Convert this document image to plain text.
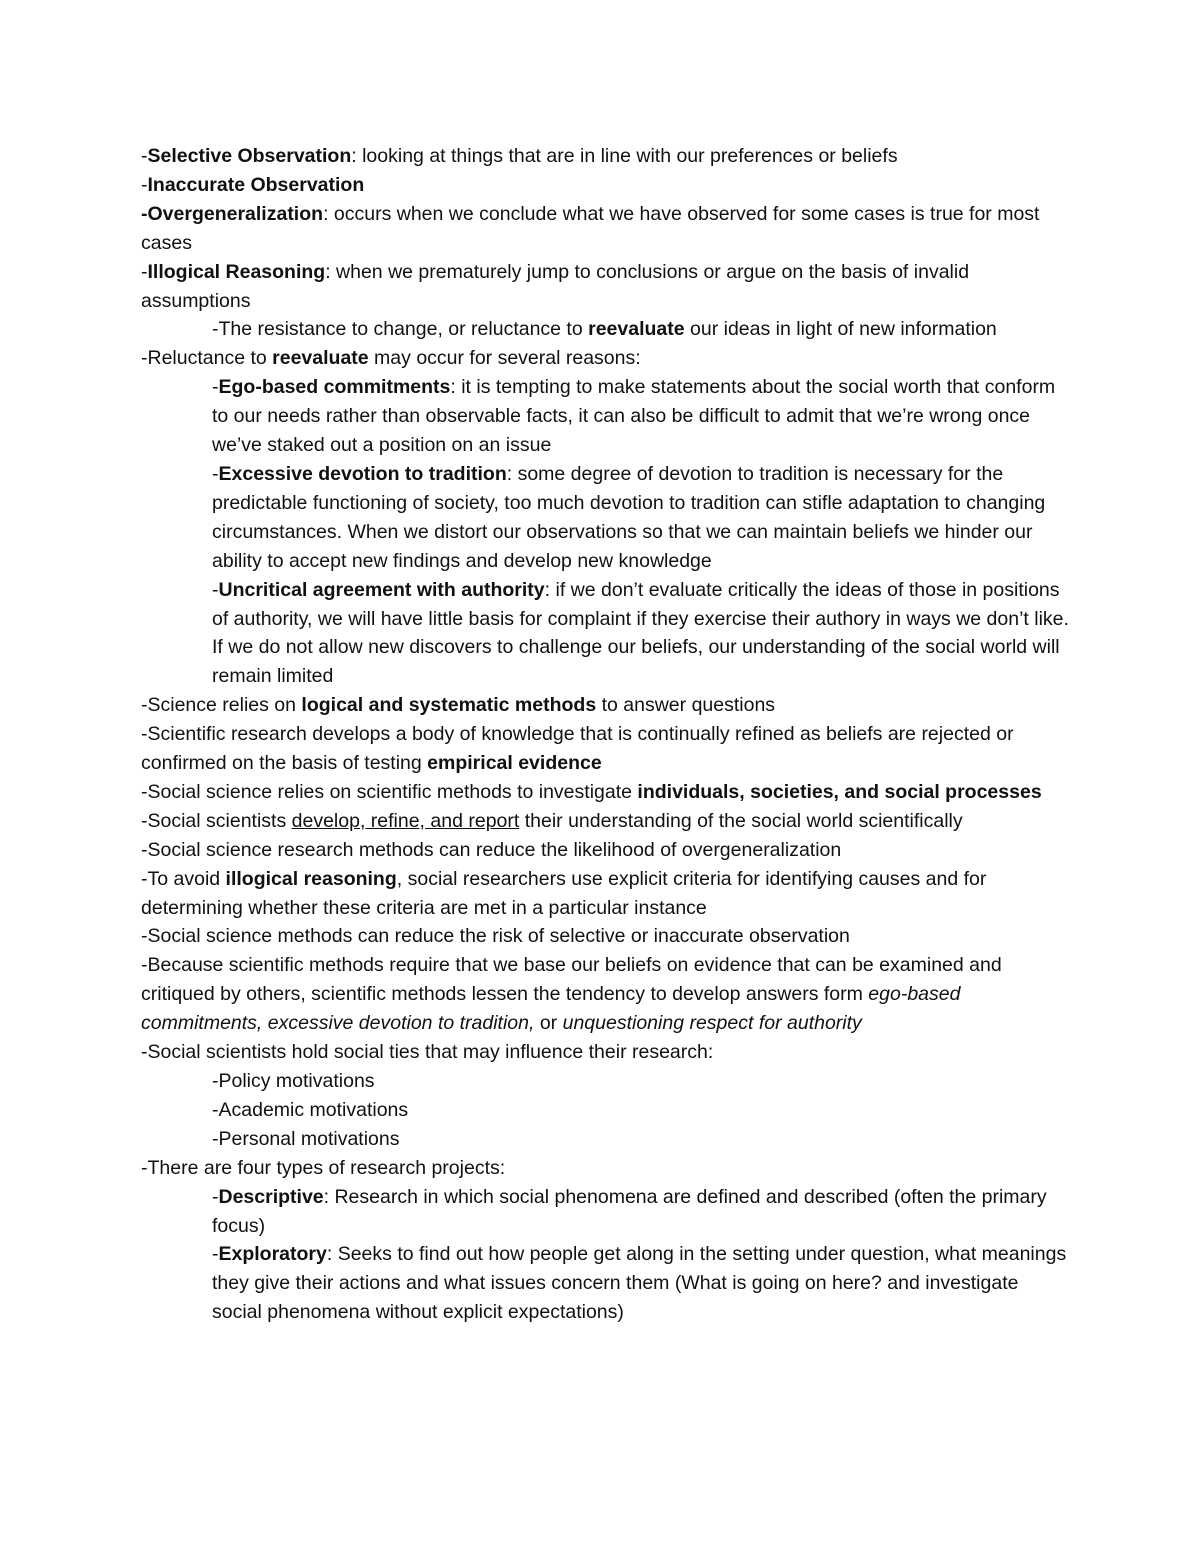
-Selective Observation: looking at things that are in line with our preferences or beliefs
-Inaccurate Observation
-Overgeneralization: occurs when we conclude what we have observed for some cases is true for most cases
-Illogical Reasoning: when we prematurely jump to conclusions or argue on the basis of invalid assumptions
-The resistance to change, or reluctance to reevaluate our ideas in light of new information
-Reluctance to reevaluate may occur for several reasons:
-Ego-based commitments: it is tempting to make statements about the social worth that conform to our needs rather than observable facts, it can also be difficult to admit that we’re wrong once we’ve staked out a position on an issue
-Excessive devotion to tradition: some degree of devotion to tradition is necessary for the predictable functioning of society, too much devotion to tradition can stifle adaptation to changing circumstances. When we distort our observations so that we can maintain beliefs we hinder our ability to accept new findings and develop new knowledge
-Uncritical agreement with authority: if we don’t evaluate critically the ideas of those in positions of authority, we will have little basis for complaint if they exercise their authory in ways we don’t like. If we do not allow new discovers to challenge our beliefs, our understanding of the social world will remain limited
-Science relies on logical and systematic methods to answer questions
-Scientific research develops a body of knowledge that is continually refined as beliefs are rejected or confirmed on the basis of testing empirical evidence
-Social science relies on scientific methods to investigate individuals, societies, and social processes
-Social scientists develop, refine, and report their understanding of the social world scientifically
-Social science research methods can reduce the likelihood of overgeneralization
-To avoid illogical reasoning, social researchers use explicit criteria for identifying causes and for determining whether these criteria are met in a particular instance
-Social science methods can reduce the risk of selective or inaccurate observation
-Because scientific methods require that we base our beliefs on evidence that can be examined and critiqued by others, scientific methods lessen the tendency to develop answers form ego-based commitments, excessive devotion to tradition, or unquestioning respect for authority
-Social scientists hold social ties that may influence their research:
-Policy motivations
-Academic motivations
-Personal motivations
-There are four types of research projects:
-Descriptive: Research in which social phenomena are defined and described (often the primary focus)
-Exploratory: Seeks to find out how people get along in the setting under question, what meanings they give their actions and what issues concern them (What is going on here? and investigate social phenomena without explicit expectations)
